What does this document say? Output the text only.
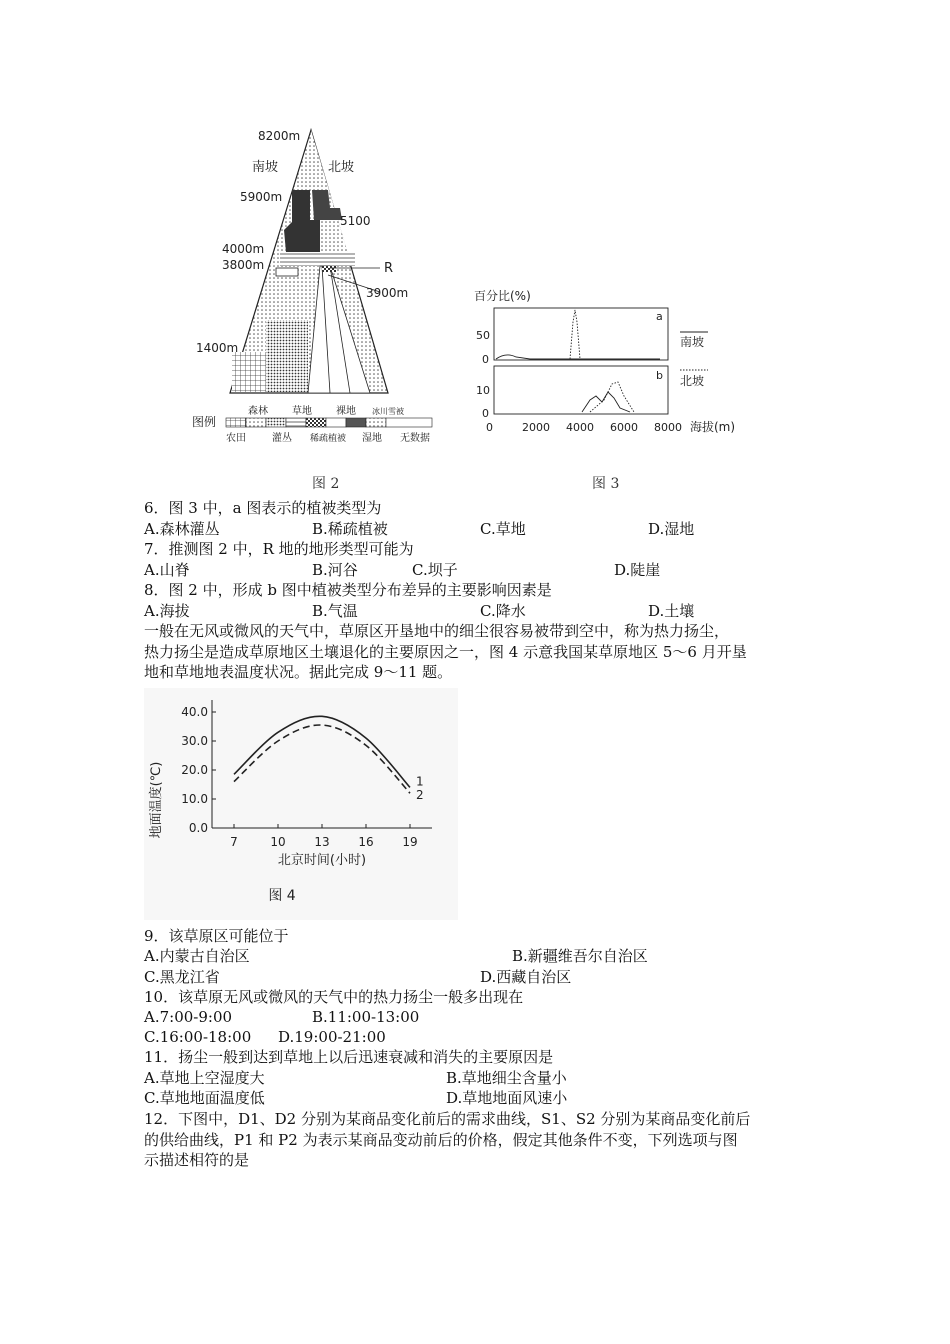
8200m
南坡	北坡
5900m
5100
4000m
3800m	R
3900m
1400m
图例
森林 草地 裸地 冰川雪被
农田	灌丛 稀疏植被 湿地 无数据
图 2
百分比(%)
a
50
0
b
10
0
0	2000 4000 6000 8000 海拔(m)
南坡
北坡
图 3
6．图 3 中，a 图表示的植被类型为
A.森林灌丛	B.稀疏植被	C.草地	D.湿地
7．推测图 2 中，R 地的地形类型可能为
A.山脊	B.河谷	C.坝子	D.陡崖
8．图 2 中，形成 b 图中植被类型分布差异的主要影响因素是
A.海拔	B.气温	C.降水	D.土壤
一般在无风或微风的天气中，草原区开垦地中的细尘很容易被带到空中，称为热力扬尘，
热力扬尘是造成草原地区土壤退化的主要原因之一，图 4 示意我国某草原地区 5～6 月开垦
地和草地地表温度状况。据此完成 9～11 题。
地面温度(℃)
北京时间(小时)
图 4
40.0
30.0
20.0
10.0
0.0
7	10 13 16 19
1
2
9．该草原区可能位于
A.内蒙古自治区	B.新疆维吾尔自治区
C.黑龙江省	D.西藏自治区
10．该草原无风或微风的天气中的热力扬尘一般多出现在
A.7:00-9:00	B.11:00-13:00
C.16:00-18:00 D.19:00-21:00
11．扬尘一般到达到草地上以后迅速衰减和消失的主要原因是
A.草地上空湿度大	B.草地细尘含量小
C.草地地面温度低	D.草地地面风速小
12．下图中，D1、D2 分别为某商品变化前后的需求曲线，S1、S2 分别为某商品变化前后
的供给曲线，P1 和 P2 为表示某商品变动前后的价格，假定其他条件不变，下列选项与图
示描述相符的是
